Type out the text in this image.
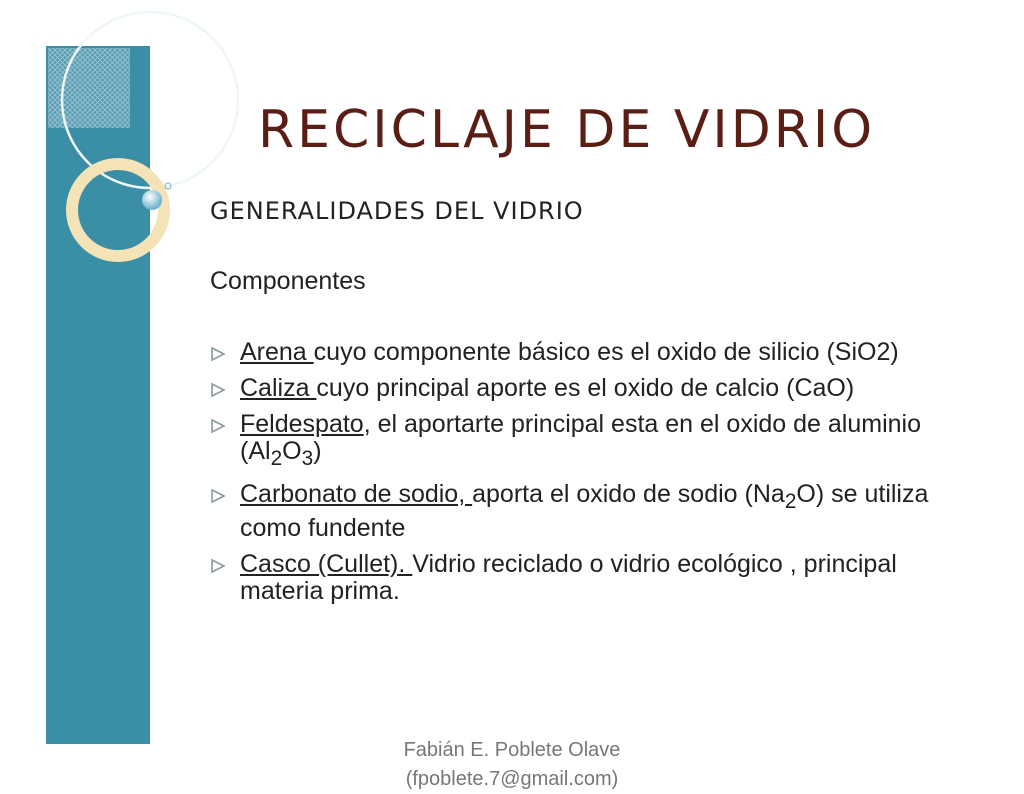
RECICLAJE DE VIDRIO
GENERALIDADES DEL VIDRIO
Componentes
Arena cuyo componente básico es el oxido de silicio (SiO2)
Caliza cuyo principal aporte es el oxido de calcio (CaO)
Feldespato, el aportarte principal esta en el oxido de aluminio $(Al_2O_3)$
Carbonato de sodio, aporta el oxido de sodio $(Na_2O)$ se utiliza como fundente
Casco (Cullet). Vidrio reciclado o vidrio ecológico , principal materia prima.
Fabián E. Poblete Olave
(fpoblete.7@gmail.com)
